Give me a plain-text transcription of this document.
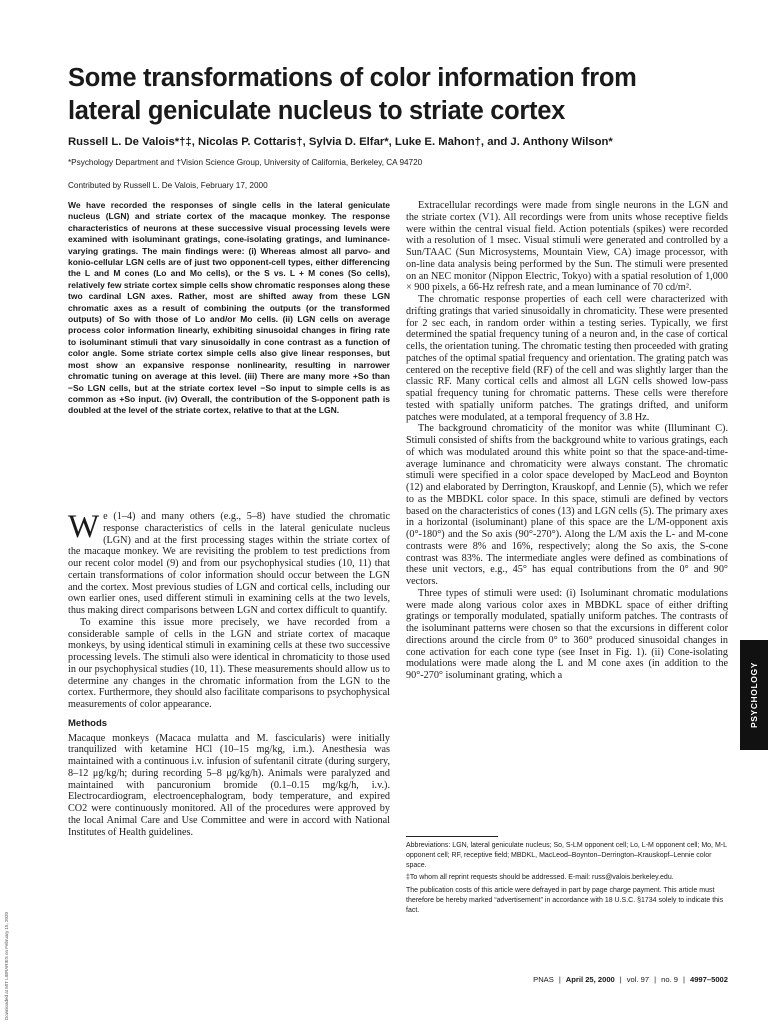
Some transformations of color information from lateral geniculate nucleus to striate cortex
Russell L. De Valois*†‡, Nicolas P. Cottaris†, Sylvia D. Elfar*, Luke E. Mahon†, and J. Anthony Wilson*
*Psychology Department and †Vision Science Group, University of California, Berkeley, CA 94720
Contributed by Russell L. De Valois, February 17, 2000

We have recorded the responses of single cells in the lateral geniculate nucleus (LGN) and striate cortex of the macaque monkey. The response characteristics of neurons at these successive visual processing levels were examined with isoluminant gratings, cone-isolating gratings, and luminance-varying gratings. The main findings were: (i) Whereas almost all parvo- and konio-cellular LGN cells are of just two opponent-cell types, either differencing the L and M cones (Lo and Mo cells), or the S vs. L + M cones (So cells), relatively few striate cortex simple cells show chromatic responses along these two cardinal LGN axes. Rather, most are shifted away from these LGN chromatic axes as a result of combining the outputs (or the transformed outputs) of So with those of Lo and/or Mo cells. (ii) LGN cells on average process color information linearly, exhibiting sinusoidal changes in firing rate to isoluminant stimuli that vary sinusoidally in cone contrast as a function of color angle. Some striate cortex simple cells also give linear responses, but most show an expansive response nonlinearity, resulting in narrower chromatic tuning on average at this level. (iii) There are many more +So than −So LGN cells, but at the striate cortex level −So input to simple cells is as common as +So input. (iv) Overall, the contribution of the S-opponent path is doubled at the level of the striate cortex, relative to that at the LGN.

We (1–4) and many others (e.g., 5–8) have studied the chromatic response characteristics of cells in the lateral geniculate nucleus (LGN) and at the first processing stages within the striate cortex of the macaque monkey. We are revisiting the problem to test predictions from our recent color model (9) and from our psychophysical studies (10, 11) that certain transformations of color information should occur between the LGN and the cortex. Most previous studies of LGN and cortical cells, including our own earlier ones, used different stimuli in examining cells at the two levels, thus making direct comparisons between LGN and cortex difficult to quantify.

To examine this issue more precisely, we have recorded from a considerable sample of cells in the LGN and striate cortex of macaque monkeys, by using identical stimuli in examining cells at these two successive processing levels. The stimuli also were identical in chromaticity to those used in our psychophysical studies (10, 11). These measurements should allow us to determine any changes in the chromatic information from the LGN to the cortex. Furthermore, they should also facilitate comparisons to psychophysical measurements of color appearance.

Methods

Macaque monkeys (Macaca mulatta and M. fascicularis) were initially tranquilized with ketamine HCl (10–15 mg/kg, i.m.). Anesthesia was maintained with a continuous i.v. infusion of sufentanil citrate (during surgery, 8–12 μg/kg/h; during recording 5–8 μg/kg/h). Animals were paralyzed and maintained with pancuronium bromide (0.1–0.15 mg/kg/h, i.v.). Electrocardiogram, electroencephalogram, body temperature, and expired CO2 were continuously monitored. All of the procedures were approved by the local Animal Care and Use Committee and were in accord with National Institutes of Health guidelines.

Extracellular recordings were made from single neurons in the LGN and the striate cortex (V1). All recordings were from units whose receptive fields were within the central visual field. Action potentials (spikes) were recorded with a resolution of 1 msec. Visual stimuli were generated and controlled by a Sun/TAAC (Sun Microsystems, Mountain View, CA) image processor, with on-line data analysis being performed by the Sun. The stimuli were presented on an NEC monitor (Nippon Electric, Tokyo) with a spatial resolution of 1,000 × 900 pixels, a 66-Hz refresh rate, and a mean luminance of 70 cd/m².

The chromatic response properties of each cell were characterized with drifting gratings that varied sinusoidally in chromaticity. These were presented for 2 sec each, in random order within a testing series. Typically, we first determined the spatial frequency tuning of a neuron and, in the case of cortical cells, the orientation tuning. The chromatic testing then proceeded with grating patches of the optimal spatial frequency and orientation. The grating patch was centered on the receptive field (RF) of the cell and was slightly larger than the classic RF. Many cortical cells and almost all LGN cells showed low-pass spatial frequency tuning for chromatic patterns. These cells were therefore tested with spatially uniform patches. The gratings drifted, and uniform patches were modulated, at a temporal frequency of 3.8 Hz.

The background chromaticity of the monitor was white (Illuminant C). Stimuli consisted of shifts from the background white to various gratings, each of which was modulated around this white point so that the space-and-time-average luminance and chromaticity were always constant. The chromatic stimuli were specified in a color space developed by MacLeod and Boynton (12) and elaborated by Derrington, Krauskopf, and Lennie (5), which we refer to as the MBDKL color space. In this space, stimuli are defined by vectors based on the characteristics of cones (13) and LGN cells (5). The primary axes in a horizontal (isoluminant) plane of this space are the L/M-opponent axis (0°-180°) and the So axis (90°-270°). Along the L/M axis the L- and M-cone contrasts were 8% and 16%, respectively; along the So axis, the S-cone contrast was 83%. The intermediate angles were defined as combinations of these unit vectors, e.g., 45° has equal contributions from the 0° and 90° vectors.

Three types of stimuli were used: (i) Isoluminant chromatic modulations were made along various color axes in MBDKL space of either drifting gratings or temporally modulated, spatially uniform patches. The contrasts of the isoluminant patterns were chosen so that the excursions in different color directions around the circle from 0° to 360° produced sinusoidal changes in cone activation for each cone type (see Inset in Fig. 1). (ii) Cone-isolating modulations were made along the L and M cone axes (in addition to the 90°-270° isoluminant grating, which a

Abbreviations: LGN, lateral geniculate nucleus; So, S-LM opponent cell; Lo, L-M opponent cell; Mo, M-L opponent cell; RF, receptive field; MBDKL, MacLeod–Boynton–Derrington–Krauskopf–Lennie color space.

‡To whom all reprint requests should be addressed. E-mail: russ@valois.berkeley.edu.

The publication costs of this article were defrayed in part by page charge payment. This article must therefore be hereby marked “advertisement” in accordance with 18 U.S.C. §1734 solely to indicate this fact.

PNAS | April 25, 2000 | vol. 97 | no. 9 | 4997–5002
PSYCHOLOGY
Downloaded at MIT LIBRARIES on February 15, 2020
